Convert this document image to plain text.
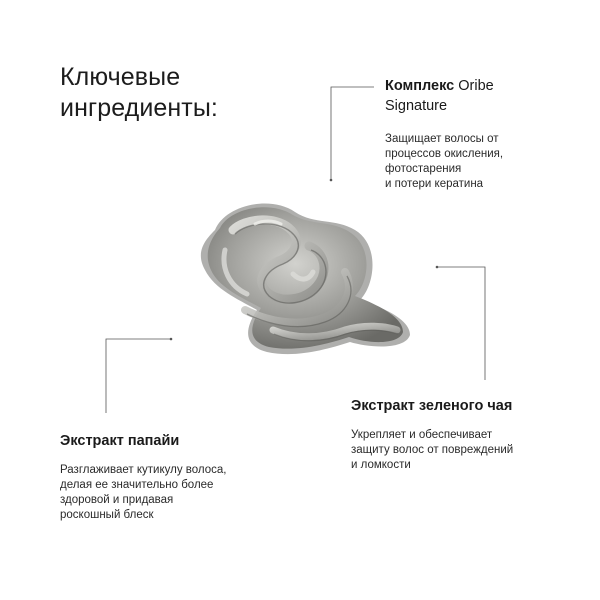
Ключевые
ингредиенты:

Комплекс Oribe
Signature

Защищает волосы от
процессов окисления,
фотостарения
и потери кератина

Экстракт зеленого чая

Укрепляет и обеспечивает
защиту волос от повреждений
и ломкости

Экстракт папайи

Разглаживает кутикулу волоса,
делая ее значительно более
здоровой и придавая
роскошный блеск
